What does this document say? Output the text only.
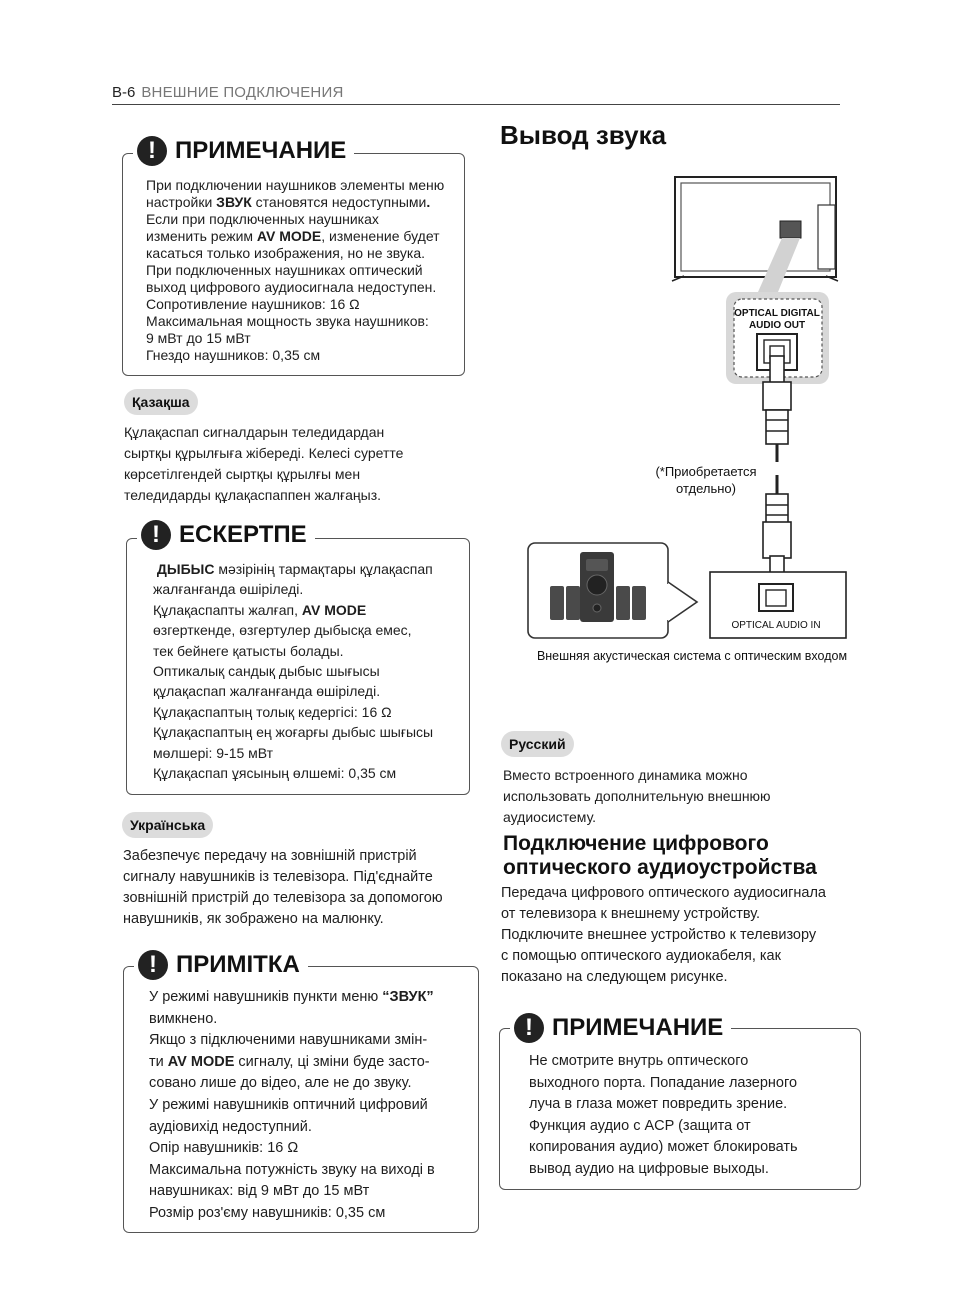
B-6 ВНЕШНИЕ ПОДКЛЮЧЕНИЯ

При подключении наушников элементы меню

настройки ЗВУК становятся недоступными.

Если при подключенных наушниках

изменить режим AV MODE, изменение будет

касаться только изображения, но не звука.

При подключенных наушниках оптический

выход цифрового аудиосигнала недоступен.

Сопротивление наушников: 16 Ω

Максимальная мощность звука наушников:

9 мВт до 15 мВт

Гнездо наушников: 0,35 см

! ПРИМЕЧАНИЕ
Қазақша

Құлақаспап сигналдарын теледидардан

сыртқы құрылғыға жібереді. Келесі суретте

көрсетілгендей сыртқы құрылғы мен

теледидарды құлақаспаппен жалғаңыз.

ДЫБЫС мәзірінің тармақтары құлақаспап

жалғанғанда өшіріледі.

Құлақаспапты жалғап, AV MODE

өзгерткенде, өзгертулер дыбысқа емес,

тек бейнеге қатысты болады.

Оптикалық сандық дыбыс шығысы

құлақаспап жалғанғанда өшіріледі.

Құлақаспаптың толық кедергісі: 16 Ω

Құлақаспаптың ең жоғарғы дыбыс шығысы

мөлшері: 9-15 мВт

Құлақаспап ұясының өлшемі: 0,35 см

! ЕСКЕРТПЕ
Українська

Забезпечує передачу на зовнішній пристрій

сигналу навушників із телевізора. Під'єднайте

зовнішній пристрій до телевізора за допомогою

навушників, як зображено на малюнку.

У режимі навушників пункти меню “ЗВУК”

вимкнено.

Якщо з підключеними навушниками змін-

ти AV MODE сигналу, ці зміни буде засто-

совано лише до відео, але не до звуку.

У режимі навушників оптичний цифровий

аудіовихід недоступний.

Опір навушників: 16 Ω

Максимальна потужність звуку на виході в

навушниках: від 9 мВт до 15 мВт

Розмір роз'єму навушників: 0,35 см

! ПРИМІТКА
Вывод звука
OPTICAL DIGITAL
AUDIO OUT
(*Приобретается
отдельно)
OPTICAL AUDIO IN
Внешняя акустическая система с оптическим входом
Русский

Вместо встроенного динамика можно

использовать дополнительную внешнюю

аудиосистему.

Подключение цифрового
оптического аудиоустройства

Передача цифрового оптического аудиосигнала

от телевизора к внешнему устройству.

Подключите внешнее устройство к телевизору

с помощью оптического аудиокабеля, как

показано на следующем рисунке.

Не смотрите внутрь оптического

выходного порта. Попадание лазерного

луча в глаза может повредить зрение.

Функция аудио с ACP (защита от

копирования аудио) может блокировать

вывод аудио на цифровые выходы.

! ПРИМЕЧАНИЕ
